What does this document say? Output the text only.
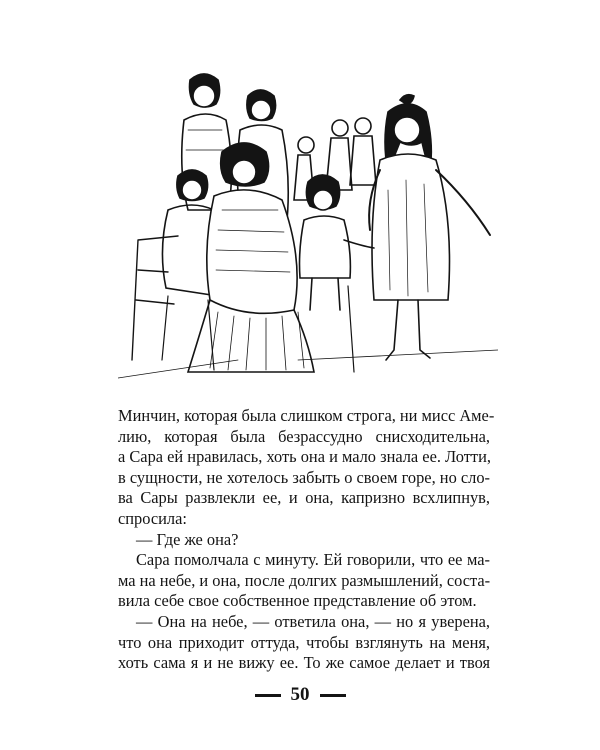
Минчин, которая была слишком строга, ни мисс Аме-
лию, которая была безрассудно снисходительна,
а Сара ей нравилась, хоть она и мало знала ее. Лотти,
в сущности, не хотелось забыть о своем горе, но сло-
ва Сары развлекли ее, и она, капризно всхлипнув,
спросила:
— Где же она?
Сара помолчала с минуту. Ей говорили, что ее ма-
ма на небе, и она, после долгих размышлений, соста-
вила себе свое собственное представление об этом.
— Она на небе, — ответила она, — но я уверена,
что она приходит оттуда, чтобы взглянуть на меня,
хоть сама я и не вижу ее. То же самое делает и твоя
50
